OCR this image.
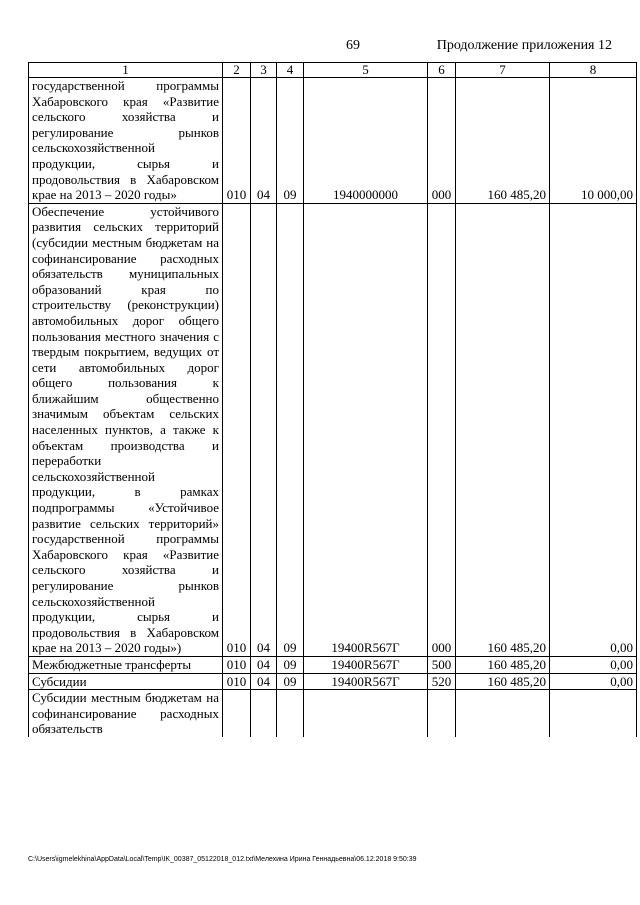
69	Продолжение приложения 12
1	2	3	4	5	6	7	8
государственной программы Хабаровского края «Развитие сельского хозяйства и регулирование рынков сельскохозяйственной продукции, сырья и продовольствия в Хабаровском крае на 2013 – 2020 годы»	010	04	09	1940000000	000	160 485,20	10 000,00
Обеспечение устойчивого развития сельских территорий (субсидии местным бюджетам на софинансирование расходных обязательств муниципальных образований края по строительству (реконструкции) автомобильных дорог общего пользования местного значения с твердым покрытием, ведущих от сети автомобильных дорог общего пользования к ближайшим общественно значимым объектам сельских населенных пунктов, а также к объектам производства и переработки сельскохозяйственной продукции, в рамках подпрограммы «Устойчивое развитие сельских территорий» государственной программы Хабаровского края «Развитие сельского хозяйства и регулирование рынков сельскохозяйственной продукции, сырья и продовольствия в Хабаровском крае на 2013 – 2020 годы»)	010	04	09	19400R567Г	000	160 485,20	0,00
Межбюджетные трансферты	010	04	09	19400R567Г	500	160 485,20	0,00
Субсидии	010	04	09	19400R567Г	520	160 485,20	0,00
Субсидии местным бюджетам на софинансирование расходных обязательств							
C:\Users\igmelekhina\AppData\Local\Temp\IK_00387_05122018_012.txt\Мелехина Ирина Геннадьевна\06.12.2018 9:50:39
